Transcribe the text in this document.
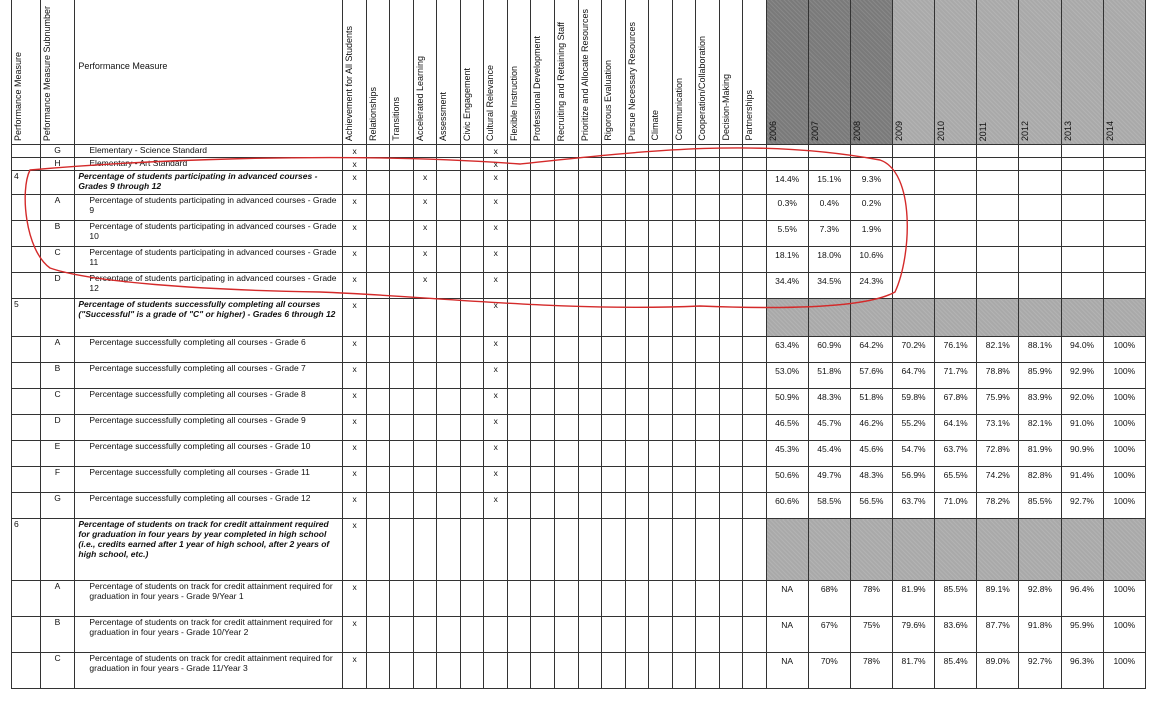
Performance Measure	Peformance Measure Subnumber	Performance Measure	Achievement for All Students	Relationships	Transitions	Accelerated Learning	Assessment	Civic Engagement	Cultural Relevance	Flexible Instruction	Professional Development	Recruiting and Retaining Staff	Prioritize and Allocate Resources	Rigorous Evaluation	Pursue Necessary Resources	Climate	Communication	Cooperation/Collaboration	Decision-Making	Partnerships	2006	2007	2008	2009	2010	2011	2012	2013	2014

	G	Elementary - Science Standard	x						x																				
	H	Elementary - Art Standard	x						x																				
4		Percentage of students participating in advanced courses - Grades 9 through 12	x			x			x												14.4%	15.1%	9.3%						
	A	Percentage of students participating in advanced courses - Grade 9	x			x			x												0.3%	0.4%	0.2%						
	B	Percentage of students participating in advanced courses - Grade 10	x			x			x												5.5%	7.3%	1.9%						
	C	Percentage of students participating in advanced courses - Grade 11	x			x			x												18.1%	18.0%	10.6%						
	D	Percentage of students participating in advanced courses - Grade 12	x			x			x												34.4%	34.5%	24.3%						
5		Percentage of students successfully completing all courses ("Successful" is a grade of "C" or higher) - Grades 6 through 12	x						x																				
	A	Percentage successfully completing all courses - Grade 6	x						x												63.4%	60.9%	64.2%	70.2%	76.1%	82.1%	88.1%	94.0%	100%
	B	Percentage successfully completing all courses - Grade 7	x						x												53.0%	51.8%	57.6%	64.7%	71.7%	78.8%	85.9%	92.9%	100%
	C	Percentage successfully completing all courses - Grade 8	x						x												50.9%	48.3%	51.8%	59.8%	67.8%	75.9%	83.9%	92.0%	100%
	D	Percentage successfully completing all courses - Grade 9	x						x												46.5%	45.7%	46.2%	55.2%	64.1%	73.1%	82.1%	91.0%	100%
	E	Percentage successfully completing all courses - Grade 10	x						x												45.3%	45.4%	45.6%	54.7%	63.7%	72.8%	81.9%	90.9%	100%
	F	Percentage successfully completing all courses - Grade 11	x						x												50.6%	49.7%	48.3%	56.9%	65.5%	74.2%	82.8%	91.4%	100%
	G	Percentage successfully completing all courses - Grade 12	x						x												60.6%	58.5%	56.5%	63.7%	71.0%	78.2%	85.5%	92.7%	100%
6		Percentage of students on track for credit attainment required for graduation in four years by year completed in high school (i.e., credits earned after 1 year of high school, after 2 years of high school, etc.)	x																										
	A	Percentage of students on track for credit attainment required for graduation in four years - Grade 9/Year 1	x																		NA	68%	78%	81.9%	85.5%	89.1%	92.8%	96.4%	100%
	B	Percentage of students on track for credit attainment required for graduation in four years - Grade 10/Year 2	x																		NA	67%	75%	79.6%	83.6%	87.7%	91.8%	95.9%	100%
	C	Percentage of students on track for credit attainment required for graduation in four years - Grade 11/Year 3	x																		NA	70%	78%	81.7%	85.4%	89.0%	92.7%	96.3%	100%
